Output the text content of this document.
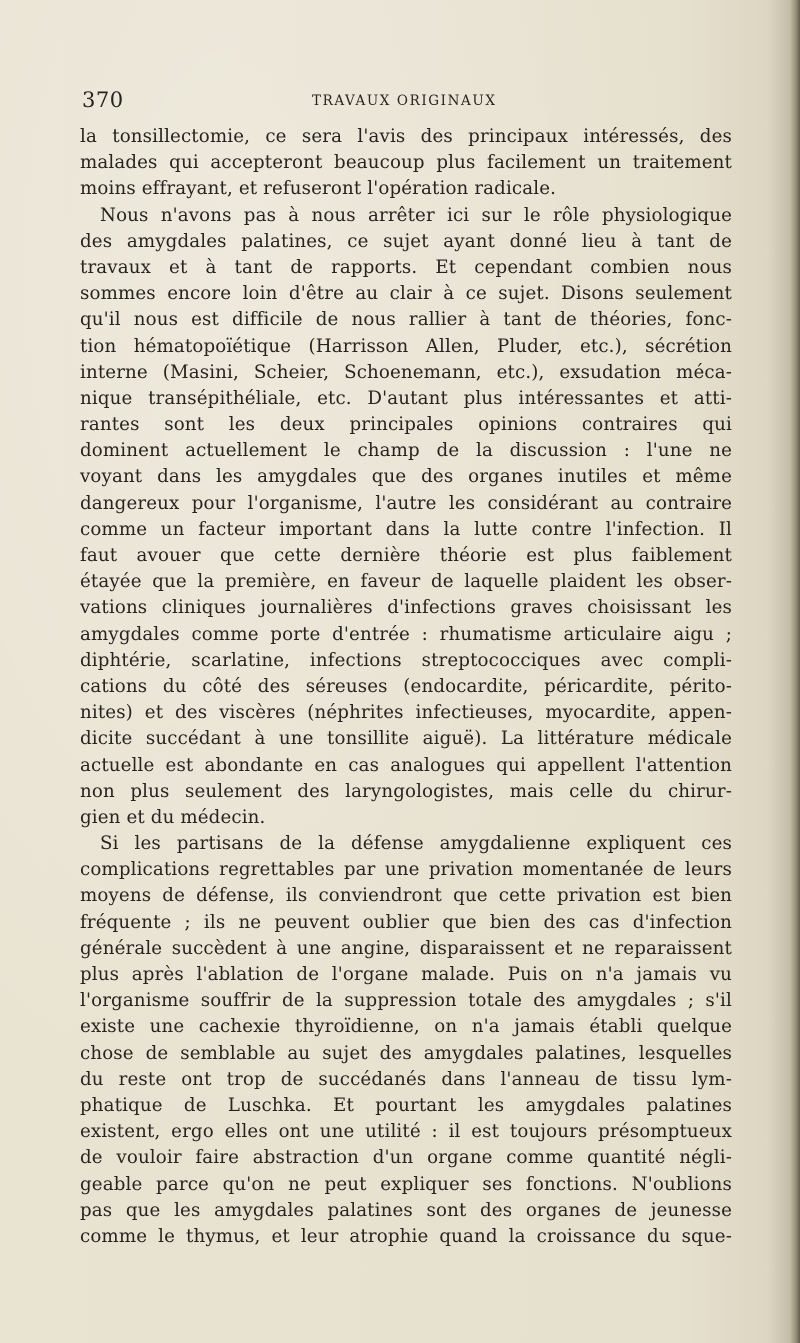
370	TRAVAUX ORIGINAUX
la tonsillectomie, ce sera l'avis des principaux intéressés, des
malades qui accepteront beaucoup plus facilement un traitement
moins effrayant, et refuseront l'opération radicale.
Nous n'avons pas à nous arrêter ici sur le rôle physiologique
des amygdales palatines, ce sujet ayant donné lieu à tant de
travaux et à tant de rapports. Et cependant combien nous
sommes encore loin d'être au clair à ce sujet. Disons seulement
qu'il nous est difficile de nous rallier à tant de théories, fonc-
tion hématopoïétique (Harrisson Allen, Pluder, etc.), sécrétion
interne (Masini, Scheier, Schoenemann, etc.), exsudation méca-
nique transépithéliale, etc. D'autant plus intéressantes et atti-
rantes sont les deux principales opinions contraires qui
dominent actuellement le champ de la discussion : l'une ne
voyant dans les amygdales que des organes inutiles et même
dangereux pour l'organisme, l'autre les considérant au contraire
comme un facteur important dans la lutte contre l'infection. Il
faut avouer que cette dernière théorie est plus faiblement
étayée que la première, en faveur de laquelle plaident les obser-
vations cliniques journalières d'infections graves choisissant les
amygdales comme porte d'entrée : rhumatisme articulaire aigu ;
diphtérie, scarlatine, infections streptococciques avec compli-
cations du côté des séreuses (endocardite, péricardite, périto-
nites) et des viscères (néphrites infectieuses, myocardite, appen-
dicite succédant à une tonsillite aiguë). La littérature médicale
actuelle est abondante en cas analogues qui appellent l'attention
non plus seulement des laryngologistes, mais celle du chirur-
gien et du médecin.
Si les partisans de la défense amygdalienne expliquent ces
complications regrettables par une privation momentanée de leurs
moyens de défense, ils conviendront que cette privation est bien
fréquente ; ils ne peuvent oublier que bien des cas d'infection
générale succèdent à une angine, disparaissent et ne reparaissent
plus après l'ablation de l'organe malade. Puis on n'a jamais vu
l'organisme souffrir de la suppression totale des amygdales ; s'il
existe une cachexie thyroïdienne, on n'a jamais établi quelque
chose de semblable au sujet des amygdales palatines, lesquelles
du reste ont trop de succédanés dans l'anneau de tissu lym-
phatique de Luschka. Et pourtant les amygdales palatines
existent, ergo elles ont une utilité : il est toujours présomptueux
de vouloir faire abstraction d'un organe comme quantité négli-
geable parce qu'on ne peut expliquer ses fonctions. N'oublions
pas que les amygdales palatines sont des organes de jeunesse
comme le thymus, et leur atrophie quand la croissance du sque-
